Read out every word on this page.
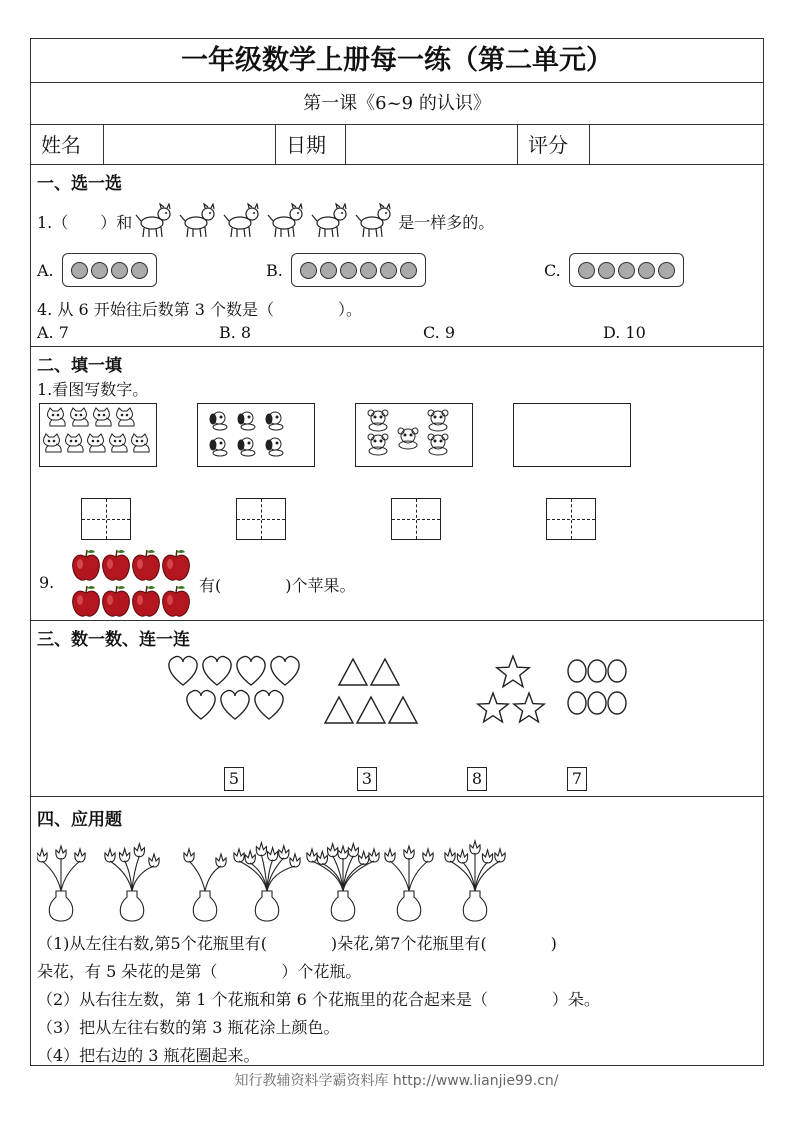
一年级数学上册每一练（第二单元）
第一课《6~9 的认识》
姓名	日期	评分
一、选一选
1.（　　）和	是一样多的。
A.	B.	C.
4. 从 6 开始往后数第 3 个数是（　　　　）。
A. 7	B. 8	C. 9	D. 10
二、填一填
1.看图写数字。
9.	有(　　　　)个苹果。
三、数一数、连一连
5	3	8	7
四、应用题
（1)从左往右数,第5个花瓶里有(　　　　)朵花,第7个花瓶里有(　　　　)
朵花，有 5 朵花的是第（　　　　）个花瓶。
（2）从右往左数，第 1 个花瓶和第 6 个花瓶里的花合起来是（　　　　）朵。
（3）把从左往右数的第 3 瓶花涂上颜色。
（4）把右边的 3 瓶花圈起来。
知行教辅资料学霸资料库 http://www.lianjie99.cn/
